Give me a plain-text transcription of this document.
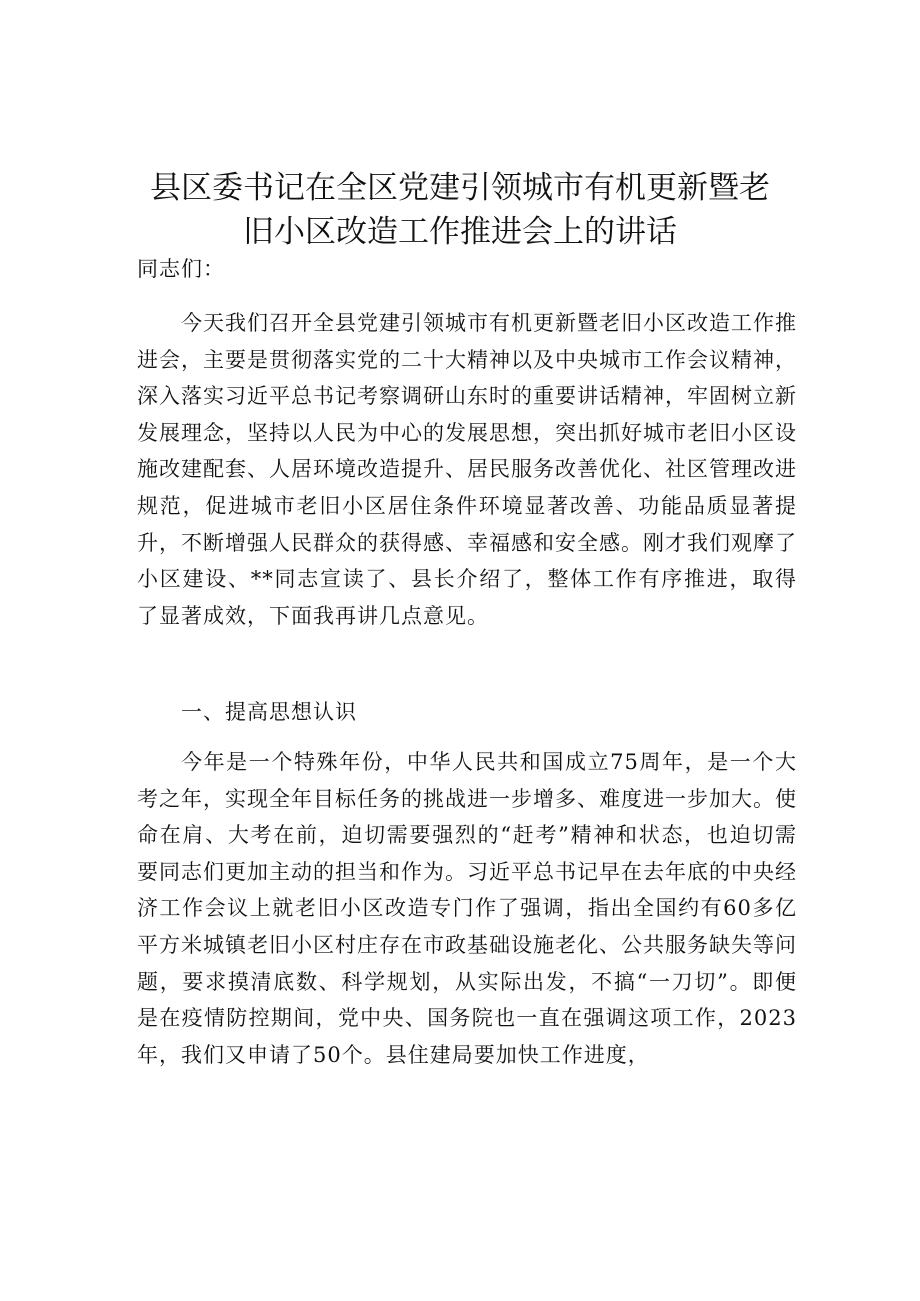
县区委书记在全区党建引领城市有机更新暨老
旧小区改造工作推进会上的讲话

同志们：

今天我们召开全县党建引领城市有机更新暨老旧小区改造工作推进会，主要是贯彻落实党的二十大精神以及中央城市工作会议精神，深入落实习近平总书记考察调研山东时的重要讲话精神，牢固树立新发展理念，坚持以人民为中心的发展思想，突出抓好城市老旧小区设施改建配套、人居环境改造提升、居民服务改善优化、社区管理改进规范，促进城市老旧小区居住条件环境显著改善、功能品质显著提升，不断增强人民群众的获得感、幸福感和安全感。刚才我们观摩了小区建设、**同志宣读了、县长介绍了，整体工作有序推进，取得了显著成效，下面我再讲几点意见。

一、提高思想认识

今年是一个特殊年份，中华人民共和国成立75周年，是一个大考之年，实现全年目标任务的挑战进一步增多、难度进一步加大。使命在肩、大考在前，迫切需要强烈的“赶考”精神和状态，也迫切需要同志们更加主动的担当和作为。习近平总书记早在去年底的中央经济工作会议上就老旧小区改造专门作了强调，指出全国约有60多亿平方米城镇老旧小区村庄存在市政基础设施老化、公共服务缺失等问题，要求摸清底数、科学规划，从实际出发，不搞“一刀切”。即便是在疫情防控期间，党中央、国务院也一直在强调这项工作，2023年，我们又申请了50个。县住建局要加快工作进度，
